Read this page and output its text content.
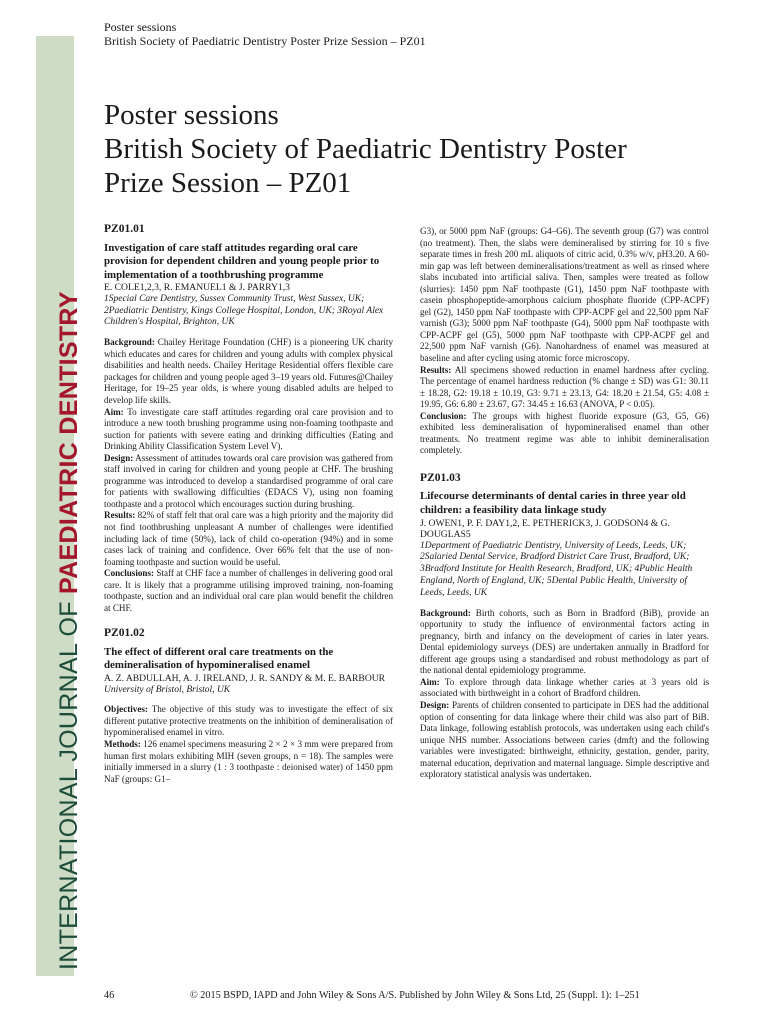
INTERNATIONAL JOURNAL OF PAEDIATRIC DENTISTRY
Poster sessions
British Society of Paediatric Dentistry Poster Prize Session – PZ01
Poster sessions
British Society of Paediatric Dentistry Poster
Prize Session – PZ01
PZ01.01
Investigation of care staff attitudes regarding oral care provision for dependent children and young people prior to implementation of a toothbrushing programme
E. COLE1,2,3, R. EMANUEL1 & J. PARRY1,3
1Special Care Dentistry, Sussex Community Trust, West Sussex, UK; 2Paediatric Dentistry, Kings College Hospital, London, UK; 3Royal Alex Children's Hospital, Brighton, UK

Background: Chailey Heritage Foundation (CHF) is a pioneering UK charity which educates and cares for children and young adults with complex physical disabilities and health needs. Chailey Heritage Residential offers flexible care packages for children and young people aged 3–19 years old. Futures@Chailey Heritage, for 19–25 year olds, is where young disabled adults are helped to develop life skills.

Aim: To investigate care staff attitudes regarding oral care provision and to introduce a new tooth brushing programme using non-foaming toothpaste and suction for patients with severe eating and drinking difficulties (Eating and Drinking Ability Classification System Level V).

Design: Assessment of attitudes towards oral care provision was gathered from staff involved in caring for children and young people at CHF. The brushing programme was introduced to develop a standardised programme of oral care for patients with swallowing difficulties (EDACS V), using non foaming toothpaste and a protocol which encourages suction during brushing.

Results: 82% of staff felt that oral care was a high priority and the majority did not find toothbrushing unpleasant A number of challenges were identified including lack of time (50%), lack of child co-operation (94%) and in some cases lack of training and confidence. Over 66% felt that the use of non-foaming toothpaste and suction would be useful.

Conclusions: Staff at CHF face a number of challenges in delivering good oral care. It is likely that a programme utilising improved training, non-foaming toothpaste, suction and an individual oral care plan would benefit the children at CHF.

PZ01.02
The effect of different oral care treatments on the demineralisation of hypomineralised enamel
A. Z. ABDULLAH, A. J. IRELAND, J. R. SANDY & M. E. BARBOUR
University of Bristol, Bristol, UK

Objectives: The objective of this study was to investigate the effect of six different putative protective treatments on the inhibition of demineralisation of hypomineralised enamel in vitro.

Methods: 126 enamel specimens measuring 2 × 2 × 3 mm were prepared from human first molars exhibiting MIH (seven groups, n = 18). The samples were initially immersed in a slurry (1 : 3 toothpaste : deionised water) of 1450 ppm NaF (groups: G1–

G3), or 5000 ppm NaF (groups: G4–G6). The seventh group (G7) was control (no treatment). Then, the slabs were demineralised by stirring for 10 s five separate times in fresh 200 mL aliquots of citric acid, 0.3% w/v, pH3.20. A 60-min gap was left between demineralisations/treatment as well as rinsed where slabs incubated into artificial saliva. Then, samples were treated as follow (slurries): 1450 ppm NaF toothpaste (G1), 1450 ppm NaF toothpaste with casein phosphopeptide-amorphous calcium phosphate fluoride (CPP-ACPF) gel (G2), 1450 ppm NaF toothpaste with CPP-ACPF gel and 22,500 ppm NaF varnish (G3); 5000 ppm NaF toothpaste (G4), 5000 ppm NaF toothpaste with CPP-ACPF gel (G5), 5000 ppm NaF toothpaste with CPP-ACPF gel and 22,500 ppm NaF varnish (G6). Nanohardness of enamel was measured at baseline and after cycling using atomic force microscopy.

Results: All specimens showed reduction in enamel hardness after cycling. The percentage of enamel hardness reduction (% change ± SD) was G1: 30.11 ± 18.28, G2: 19.18 ± 10.19, G3: 9.71 ± 23.13, G4: 18.20 ± 21.54, G5: 4.08 ± 19.95, G6: 6.80 ± 23.67, G7: 34.45 ± 16.63 (ANOVA, P < 0.05).

Conclusion: The groups with highest fluoride exposure (G3, G5, G6) exhibited less demineralisation of hypomineralised enamel than other treatments. No treatment regime was able to inhibit demineralisation completely.

PZ01.03
Lifecourse determinants of dental caries in three year old children: a feasibility data linkage study
J. OWEN1, P. F. DAY1,2, E. PETHERICK3, J. GODSON4 & G. DOUGLAS5
1Department of Paediatric Dentistry, University of Leeds, Leeds, UK; 2Salaried Dental Service, Bradford District Care Trust, Bradford, UK; 3Bradford Institute for Health Research, Bradford, UK; 4Public Health England, North of England, UK; 5Dental Public Health, University of Leeds, Leeds, UK

Background: Birth cohorts, such as Born in Bradford (BiB), provide an opportunity to study the influence of environmental factors acting in pregnancy, birth and infancy on the development of caries in later years. Dental epidemiology surveys (DES) are undertaken annually in Bradford for different age groups using a standardised and robust methodology as part of the national dental epidemiology programme.

Aim: To explore through data linkage whether caries at 3 years old is associated with birthweight in a cohort of Bradford children.

Design: Parents of children consented to participate in DES had the additional option of consenting for data linkage where their child was also part of BiB. Data linkage, following establish protocols, was undertaken using each child's unique NHS number. Associations between caries (dmft) and the following variables were investigated: birthweight, ethnicity, gestation, gender, parity, maternal education, deprivation and maternal language. Simple descriptive and exploratory statistical analysis was undertaken.

46	© 2015 BSPD, IAPD and John Wiley & Sons A/S. Published by John Wiley & Sons Ltd, 25 (Suppl. 1): 1–251
